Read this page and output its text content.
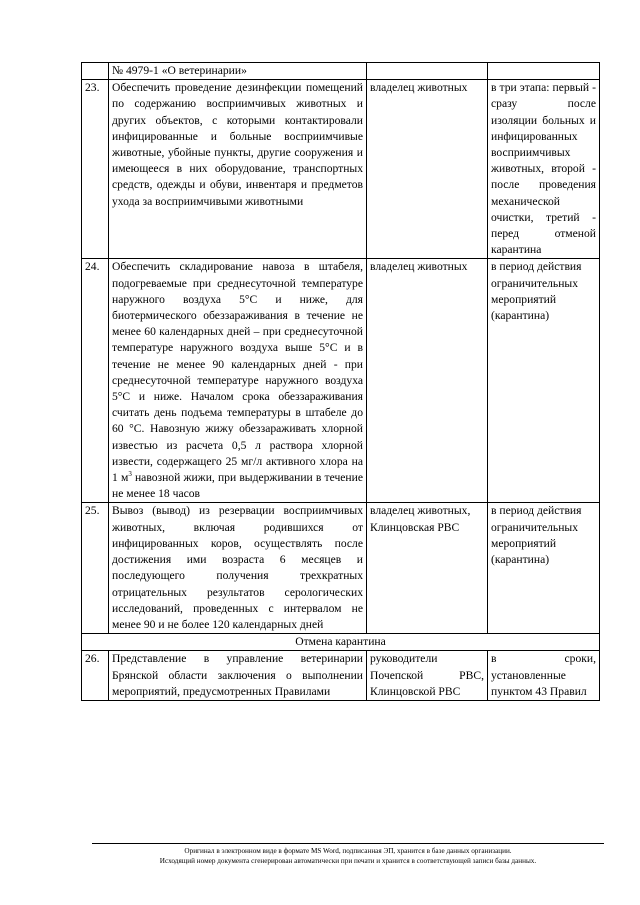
	№ 4979-1 «О ветеринарии»		
23.	Обеспечить проведение дезинфекции помещений по содержанию восприимчивых животных и других объектов, с которыми контактировали инфицированные и больные восприимчивые животные, убойные пункты, другие сооружения и имеющееся в них оборудование, транспортных средств, одежды и обуви, инвентаря и предметов ухода за восприимчивыми животными	владелец животных	в три этапа: первый - сразу после изоляции больных и инфицированных восприимчивых животных, второй - после проведения механической очистки, третий - перед отменой карантина
24.	Обеспечить складирование навоза в штабеля, подогреваемые при среднесуточной температуре наружного воздуха 5°С и ниже, для биотермического обеззараживания в течение не менее 60 календарных дней – при среднесуточной температуре наружного воздуха выше 5°С и в течение не менее 90 календарных дней - при среднесуточной температуре наружного воздуха 5°С и ниже. Началом срока обеззараживания считать день подъема температуры в штабеле до 60 °С. Навозную жижу обеззараживать хлорной известью из расчета 0,5 л раствора хлорной извести, содержащего 25 мг/л активного хлора на 1 $м^3$ навозной жижи, при выдерживании в течение не менее 18 часов	владелец животных	в период действия ограничительных мероприятий (карантина)
25.	Вывоз (вывод) из резервации восприимчивых животных, включая родившихся от инфицированных коров, осуществлять после достижения ими возраста 6 месяцев и последующего получения трехкратных отрицательных результатов серологических исследований, проведенных с интервалом не менее 90 и не более 120 календарных дней	владелец животных, Клинцовская РВС	в период действия ограничительных мероприятий (карантина)
Отмена карантина			
26.	Представление в управление ветеринарии Брянской области заключения о выполнении мероприятий, предусмотренных Правилами	руководители Почепской РВС, Клинцовской РВС	в сроки, установленные пунктом 43 Правил
Оригинал в электронном виде в формате MS Word, подписанная ЭП, хранится в базе данных организации.
Исходящий номер документа сгенерирован автоматически при печати и хранится в соответствующей записи базы данных.
